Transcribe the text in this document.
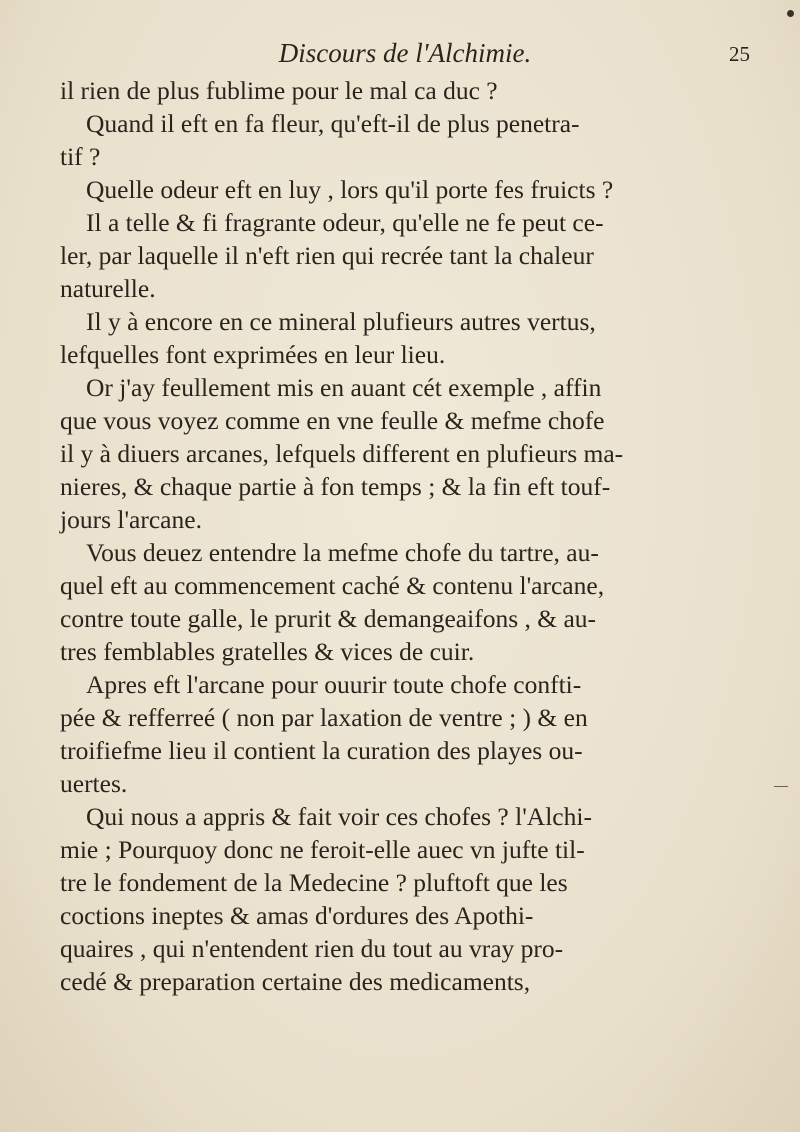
Discours de l'Alchimie.	25
il rien de plus fublime pour le mal ca duc ?
Quand il eft en fa fleur, qu'eft-il de plus penetra-
tif ?
Quelle odeur eft en luy , lors qu'il porte fes fruicts ?
Il a telle & fi fragrante odeur, qu'elle ne fe peut ce-
ler, par laquelle il n'eft rien qui recrée tant la chaleur
naturelle.
Il y à encore en ce mineral plufieurs autres vertus,
lefquelles font exprimées en leur lieu.
Or j'ay feullement mis en auant cét exemple , affin
que vous voyez comme en vne feulle & mefme chofe
il y à diuers arcanes, lefquels different en plufieurs ma-
nieres, & chaque partie à fon temps ; & la fin eft touf-
jours l'arcane.
Vous deuez entendre la mefme chofe du tartre, au-
quel eft au commencement caché & contenu l'arcane,
contre toute galle, le prurit & demangeaifons , & au-
tres femblables gratelles & vices de cuir.
Apres eft l'arcane pour ouurir toute chofe confti-
pée & refferreé ( non par laxation de ventre ; ) & en
troifiefme lieu il contient la curation des playes ou-
uertes.
Qui nous a appris & fait voir ces chofes ? l'Alchi-
mie ; Pourquoy donc ne feroit-elle auec vn jufte til-
tre le fondement de la Medecine ? pluftoft que les
coctions ineptes & amas d'ordures des Apothi-
quaires , qui n'entendent rien du tout au vray pro-
cedé & preparation certaine des medicaments,
